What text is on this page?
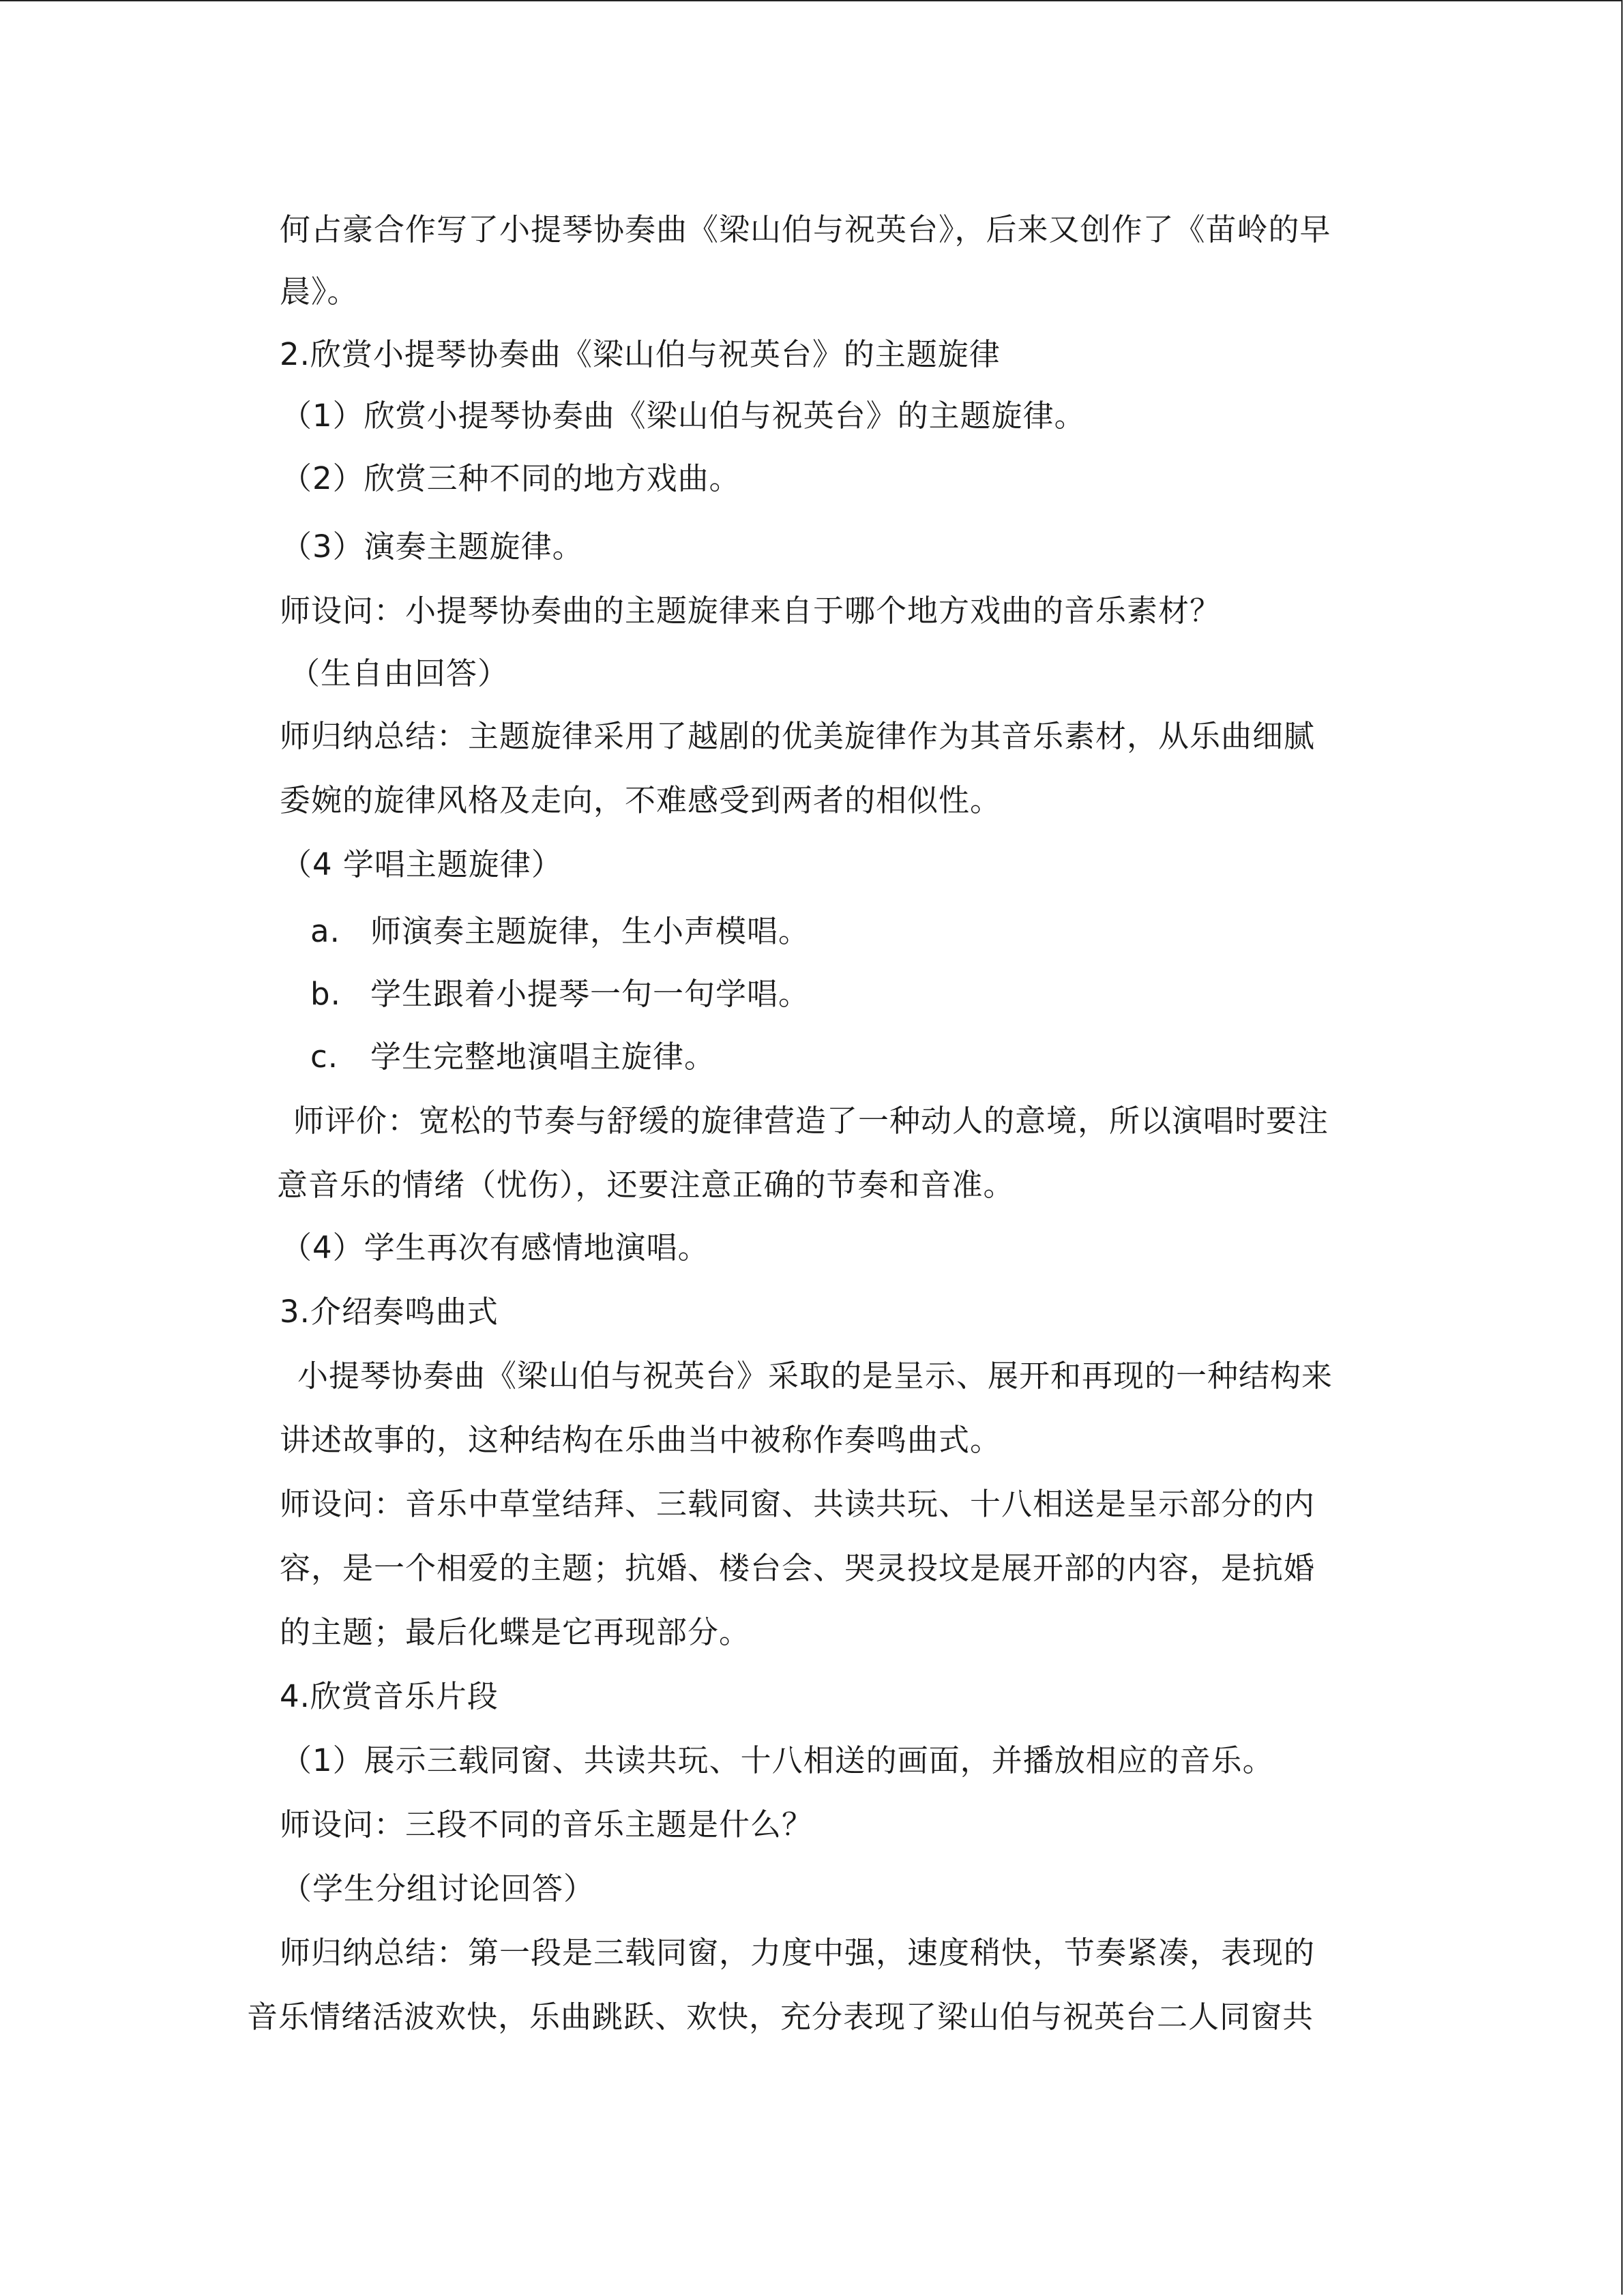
何占豪合作写了小提琴协奏曲《梁山伯与祝英台》，后来又创作了《苗岭的早
晨》。
2.欣赏小提琴协奏曲《梁山伯与祝英台》的主题旋律
（1）欣赏小提琴协奏曲《梁山伯与祝英台》的主题旋律。
（2）欣赏三种不同的地方戏曲。
（3）演奏主题旋律。
师设问：小提琴协奏曲的主题旋律来自于哪个地方戏曲的音乐素材？
（生自由回答）
师归纳总结：主题旋律采用了越剧的优美旋律作为其音乐素材，从乐曲细腻
委婉的旋律风格及走向，不难感受到两者的相似性。
（4 学唱主题旋律）
a. 师演奏主题旋律，生小声模唱。
b. 学生跟着小提琴一句一句学唱。
c. 学生完整地演唱主旋律。
师评价：宽松的节奏与舒缓的旋律营造了一种动人的意境，所以演唱时要注
意音乐的情绪（忧伤），还要注意正确的节奏和音准。
（4）学生再次有感情地演唱。
3.介绍奏鸣曲式
小提琴协奏曲《梁山伯与祝英台》采取的是呈示、展开和再现的一种结构来
讲述故事的，这种结构在乐曲当中被称作奏鸣曲式。
师设问：音乐中草堂结拜、三载同窗、共读共玩、十八相送是呈示部分的内
容，是一个相爱的主题；抗婚、楼台会、哭灵投坟是展开部的内容，是抗婚
的主题；最后化蝶是它再现部分。
4.欣赏音乐片段
（1）展示三载同窗、共读共玩、十八相送的画面，并播放相应的音乐。
师设问：三段不同的音乐主题是什么？
（学生分组讨论回答）
师归纳总结：第一段是三载同窗，力度中强，速度稍快，节奏紧凑，表现的
音乐情绪活波欢快，乐曲跳跃、欢快，充分表现了梁山伯与祝英台二人同窗共
